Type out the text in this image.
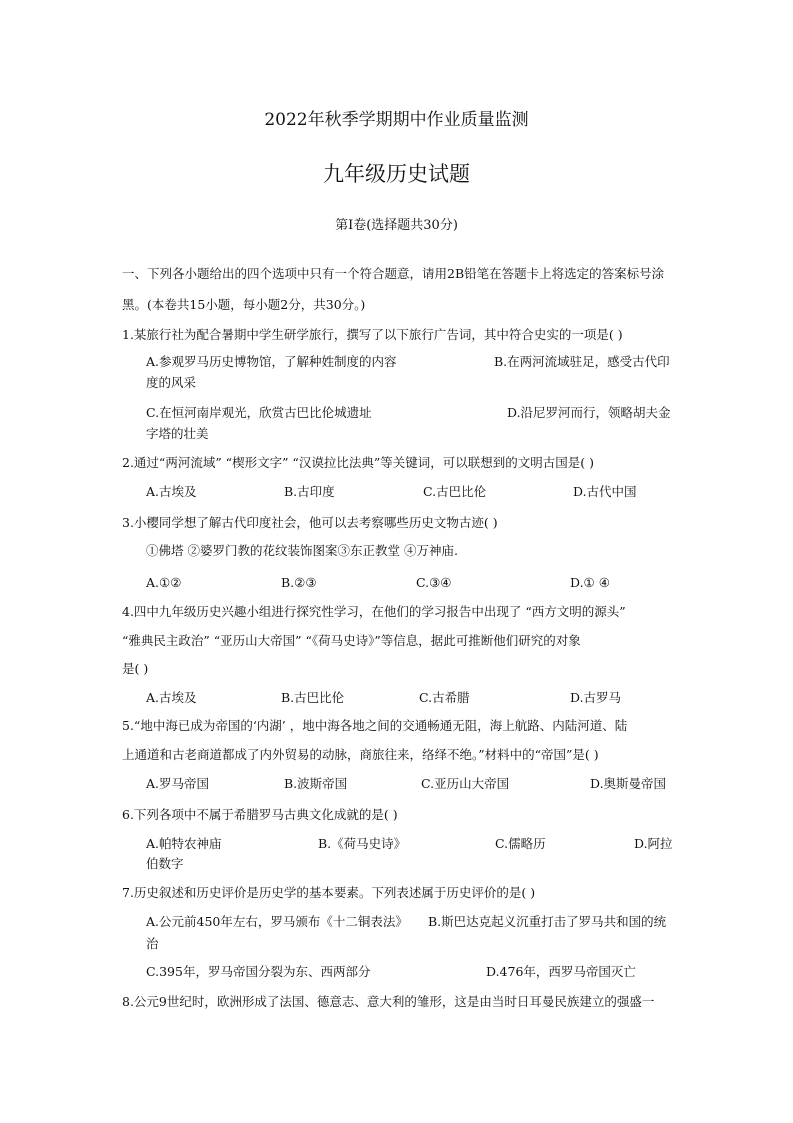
2022年秋季学期期中作业质量监测
九年级历史试题
第Ⅰ卷(选择题共30分)
一、下列各小题给出的四个选项中只有一个符合题意，请用2B铅笔在答题卡上将选定的答案标号涂
黑。(本卷共15小题，每小题2分，共30分。)
1.某旅行社为配合暑期中学生研学旅行，撰写了以下旅行广告词，其中符合史实的一项是( )
A.参观罗马历史博物馆，了解种姓制度的内容	B.在两河流域驻足，感受古代印
度的风采
C.在恒河南岸观光，欣赏古巴比伦城遗址	D.沿尼罗河而行，领略胡夫金
字塔的壮美
2.通过“两河流域” “楔形文字” “汉谟拉比法典”等关键词，可以联想到的文明古国是( )
A.古埃及	B.古印度	C.古巴比伦	D.古代中国
3.小樱同学想了解古代印度社会，他可以去考察哪些历史文物古迹( )
①佛塔 ②婆罗门教的花纹装饰图案③东正教堂 ④万神庙.
A.①②	B.②③	C.③④	D.① ④
4.四中九年级历史兴趣小组进行探究性学习，在他们的学习报告中出现了 “西方文明的源头”
“雅典民主政治” “亚历山大帝国” “《荷马史诗》”等信息，据此可推断他们研究的对象
是( )
A.古埃及	B.古巴比伦	C.古希腊	D.古罗马
5.“地中海已成为帝国的‘内湖’ ，地中海各地之间的交通畅通无阻，海上航路、内陆河道、陆
上通道和古老商道都成了内外贸易的动脉，商旅往来，络绎不绝。”材料中的“帝国”是( )
A.罗马帝国	B.波斯帝国	C.亚历山大帝国	D.奥斯曼帝国
6.下列各项中不属于希腊罗马古典文化成就的是( )
A.帕特农神庙	B.《荷马史诗》	C.儒略历	D.阿拉
伯数字
7.历史叙述和历史评价是历史学的基本要素。下列表述属于历史评价的是( )
A.公元前450年左右，罗马颁布《十二铜表法》 B.斯巴达克起义沉重打击了罗马共和国的统
治
C.395年，罗马帝国分裂为东、西两部分	D.476年，西罗马帝国灭亡
8.公元9世纪时，欧洲形成了法国、德意志、意大利的雏形，这是由当时日耳曼民族建立的强盛一
